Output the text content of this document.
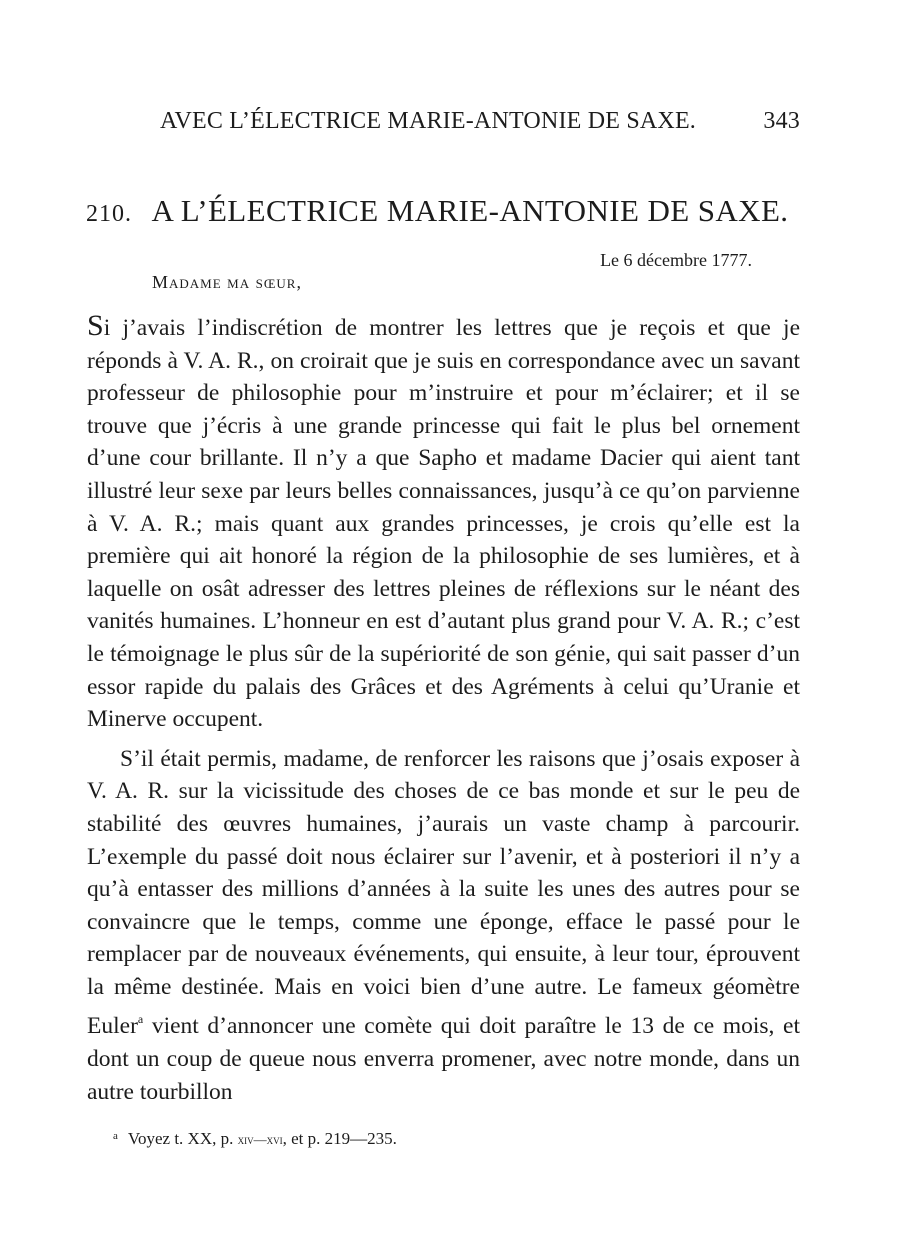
AVEC L’ÉLECTRICE MARIE-ANTONIE DE SAXE.	343
210. A L’ÉLECTRICE MARIE-ANTONIE DE SAXE.
Le 6 décembre 1777.
Madame ma sœur,

Si j’avais l’indiscrétion de montrer les lettres que je reçois et que je réponds à V. A. R., on croirait que je suis en correspondance avec un savant professeur de philosophie pour m’instruire et pour m’éclairer; et il se trouve que j’écris à une grande princesse qui fait le plus bel ornement d’une cour brillante. Il n’y a que Sapho et madame Dacier qui aient tant illustré leur sexe par leurs belles connaissances, jusqu’à ce qu’on parvienne à V. A. R.; mais quant aux grandes princesses, je crois qu’elle est la première qui ait honoré la région de la philosophie de ses lumières, et à laquelle on osât adresser des lettres pleines de réflexions sur le néant des vanités humaines. L’honneur en est d’autant plus grand pour V. A. R.; c’est le témoignage le plus sûr de la supériorité de son génie, qui sait passer d’un essor rapide du palais des Grâces et des Agréments à celui qu’Uranie et Minerve occupent.

S’il était permis, madame, de renforcer les raisons que j’osais exposer à V. A. R. sur la vicissitude des choses de ce bas monde et sur le peu de stabilité des œuvres humaines, j’aurais un vaste champ à parcourir. L’exemple du passé doit nous éclairer sur l’avenir, et à posteriori il n’y a qu’à entasser des millions d’années à la suite les unes des autres pour se convaincre que le temps, comme une éponge, efface le passé pour le remplacer par de nouveaux événements, qui ensuite, à leur tour, éprouvent la même destinée. Mais en voici bien d’une autre. Le fameux géomètre Euler$^a$ vient d’annoncer une comète qui doit paraître le 13 de ce mois, et dont un coup de queue nous enverra promener, avec notre monde, dans un autre tourbillon

$^a$ Voyez t. XX, p. xiv—xvi, et p. 219—235.
